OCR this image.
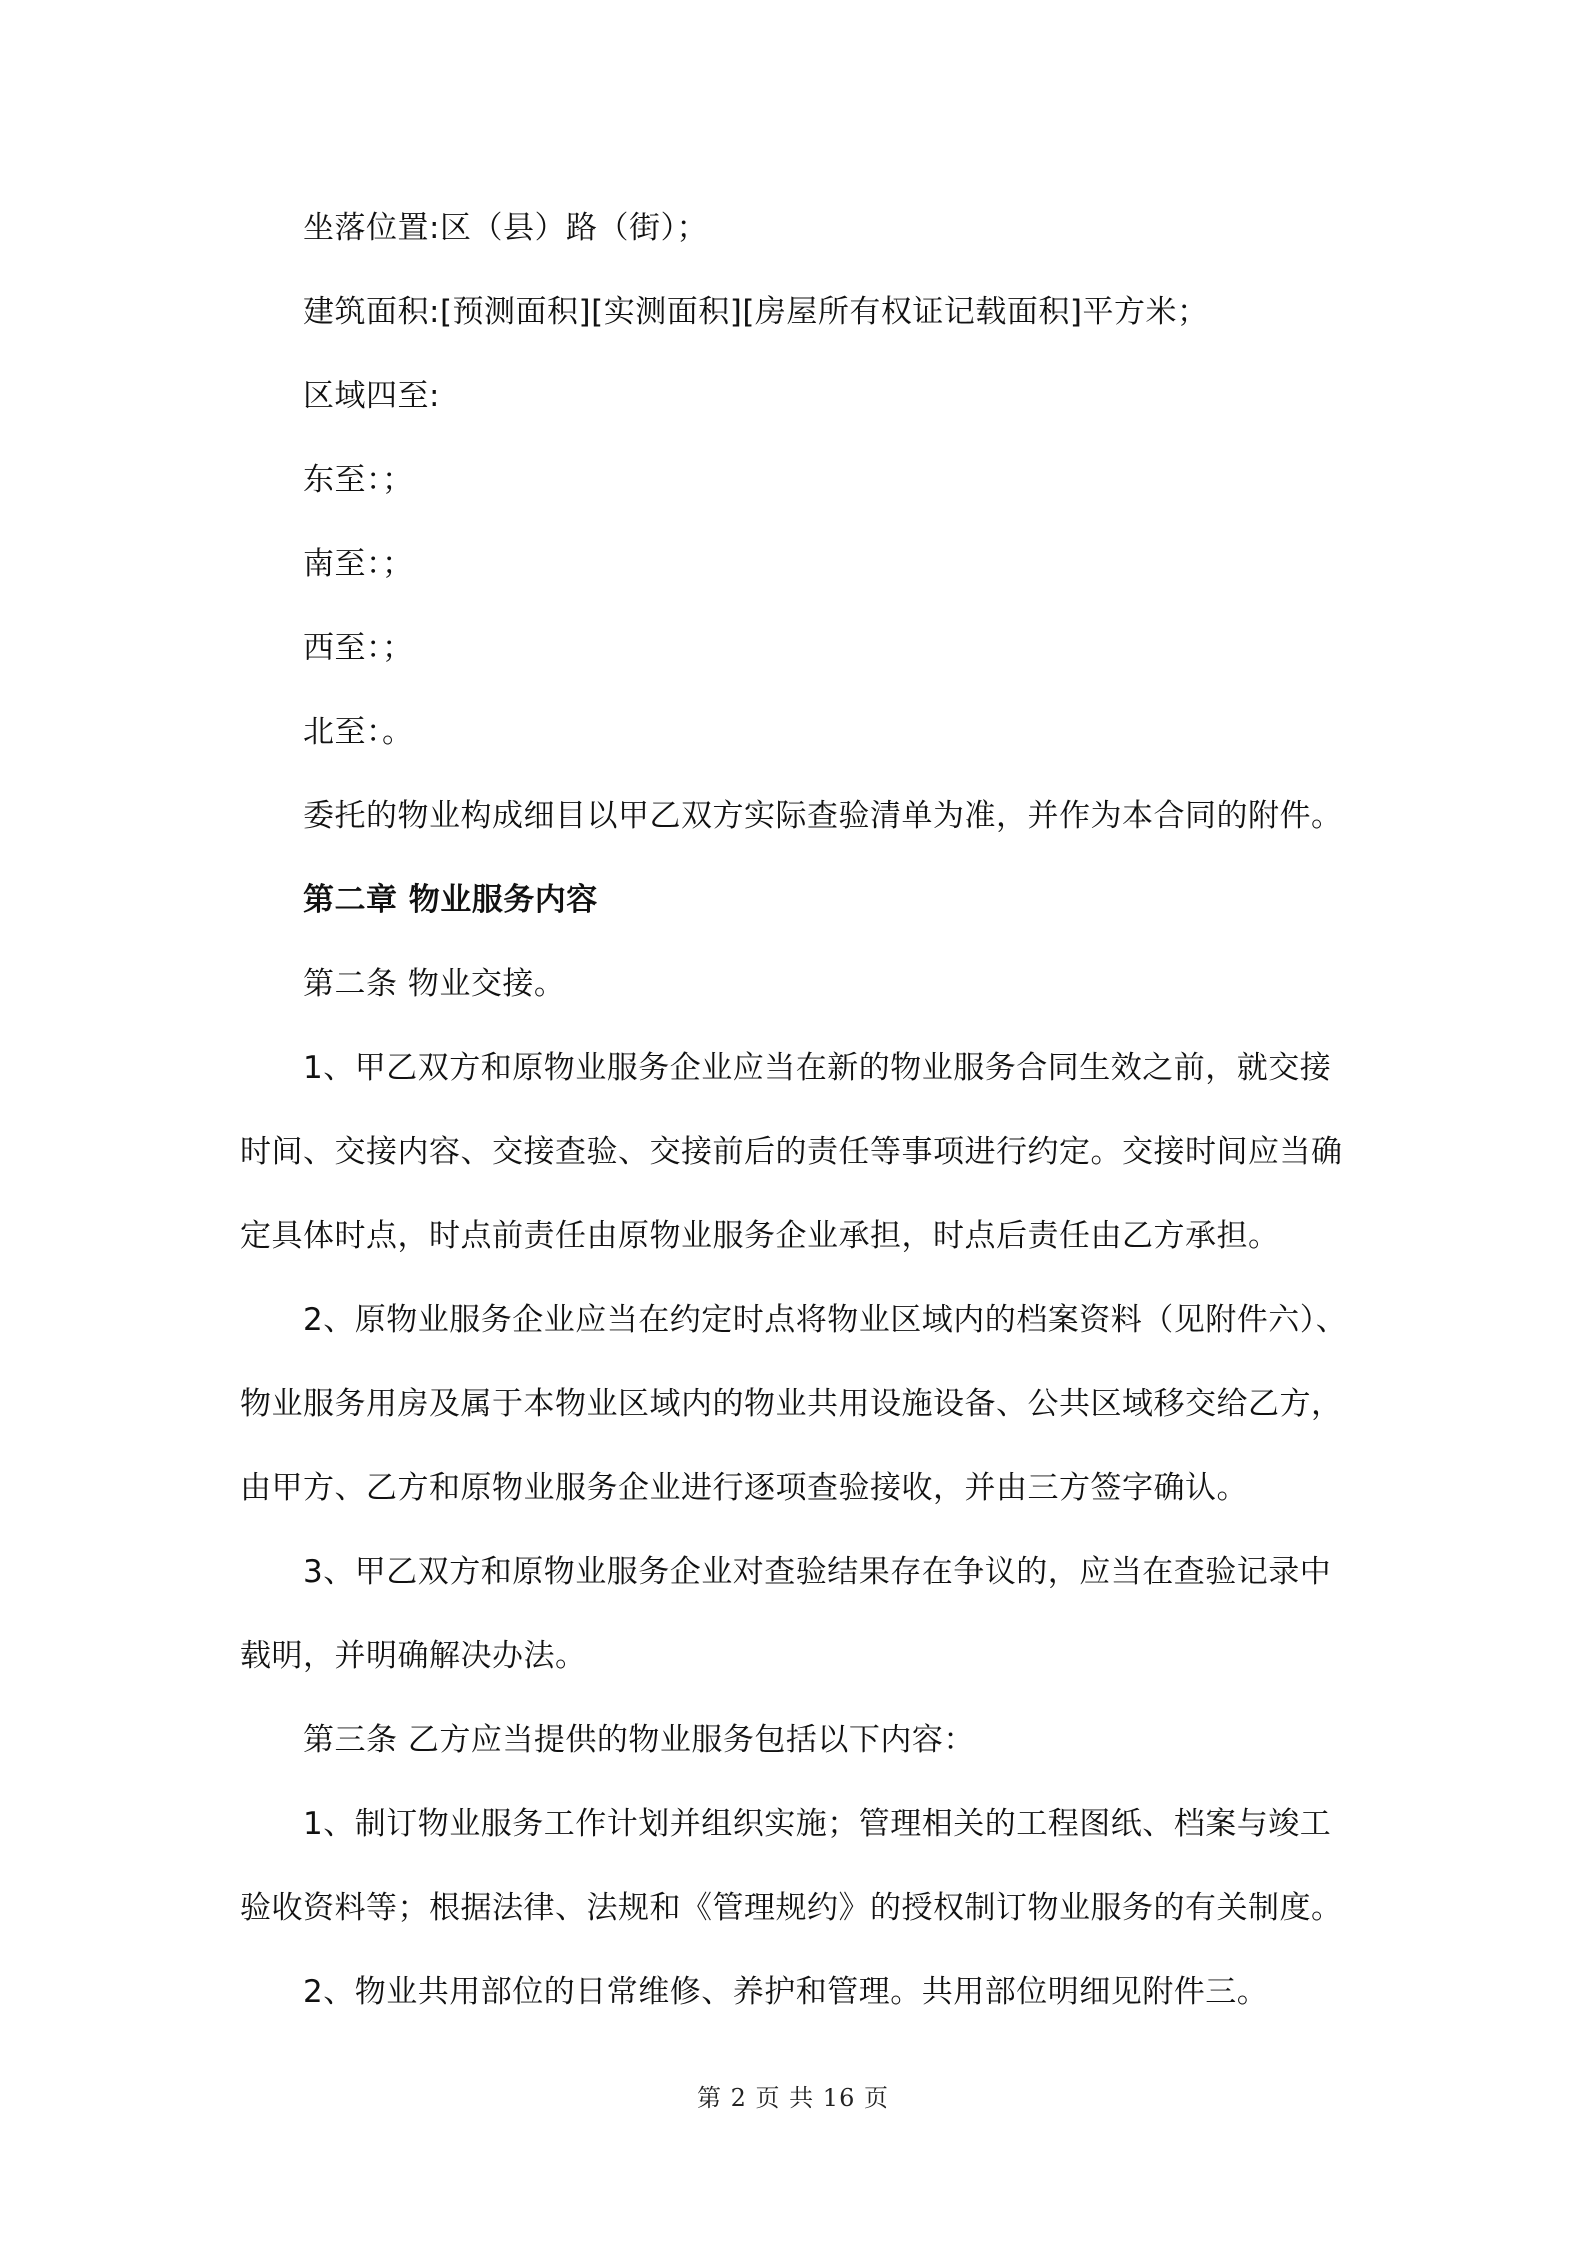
坐落位置:区（县）路（街）；
建筑面积:[预测面积][实测面积][房屋所有权证记载面积]平方米；
区域四至:
东至：；
南至：；
西至：；
北至：。
委托的物业构成细目以甲乙双方实际查验清单为准，并作为本合同的附件。
第二章 物业服务内容
第二条 物业交接。
1、甲乙双方和原物业服务企业应当在新的物业服务合同生效之前，就交接
时间、交接内容、交接查验、交接前后的责任等事项进行约定。交接时间应当确
定具体时点，时点前责任由原物业服务企业承担，时点后责任由乙方承担。
2、原物业服务企业应当在约定时点将物业区域内的档案资料（见附件六）、
物业服务用房及属于本物业区域内的物业共用设施设备、公共区域移交给乙方，
由甲方、乙方和原物业服务企业进行逐项查验接收，并由三方签字确认。
3、甲乙双方和原物业服务企业对查验结果存在争议的，应当在查验记录中
载明，并明确解决办法。
第三条 乙方应当提供的物业服务包括以下内容：
1、制订物业服务工作计划并组织实施；管理相关的工程图纸、档案与竣工
验收资料等；根据法律、法规和《管理规约》的授权制订物业服务的有关制度。
2、物业共用部位的日常维修、养护和管理。共用部位明细见附件三。
第 2 页 共 16 页
